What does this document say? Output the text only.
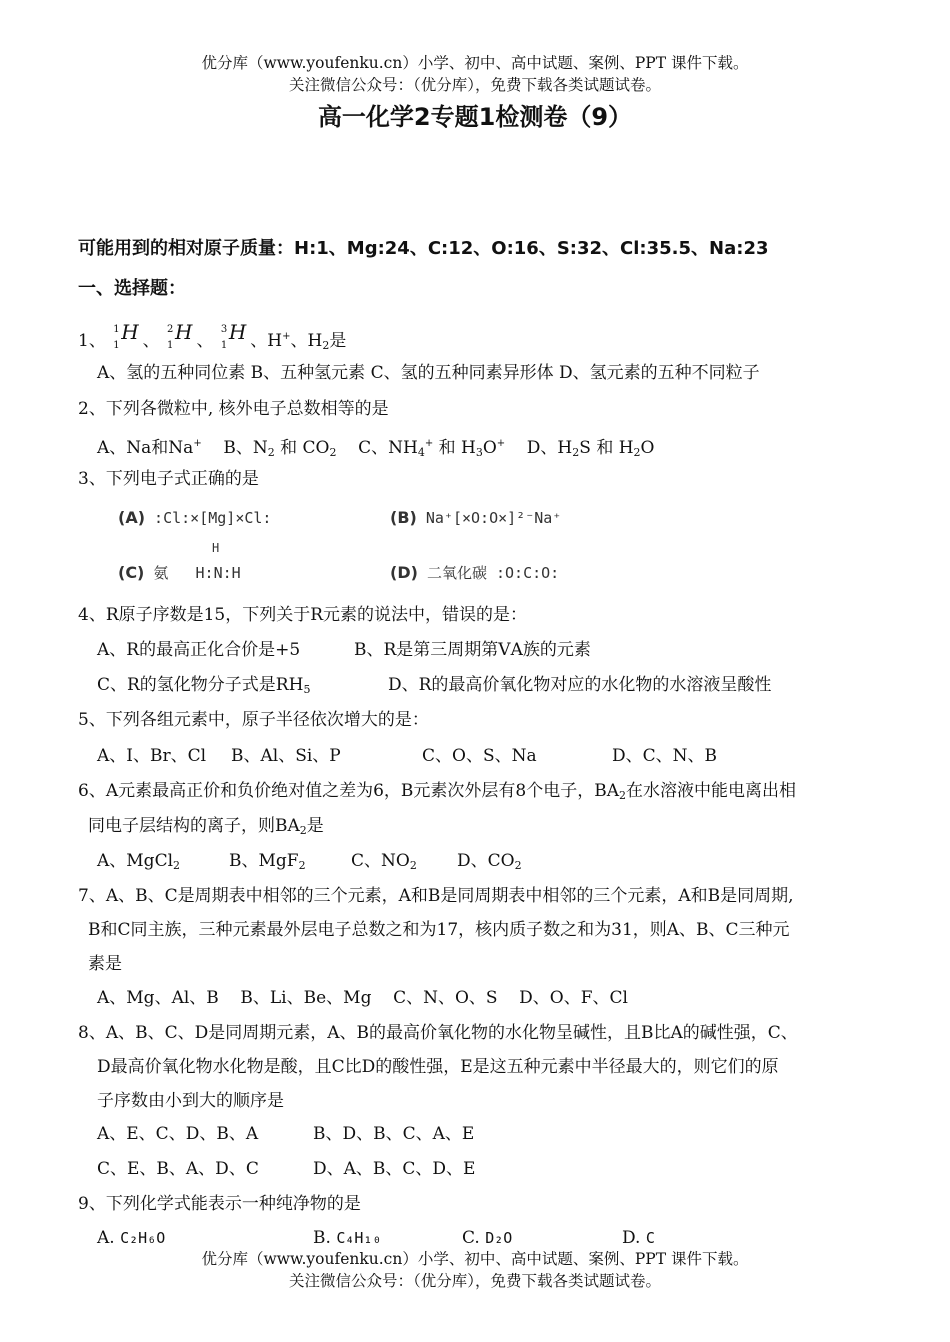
优分库（www.youfenku.cn）小学、初中、高中试题、案例、PPT 课件下载。
关注微信公众号：（优分库），免费下载各类试题试卷。
高一化学2专题1检测卷（9）
可能用到的相对原子质量：H:1、Mg:24、C:12、O:16、S:32、Cl:35.5、Na:23
一、选择题：
1、
1
1
H 、
2
1
H 、
3
1
H 、H+、$H_2$是
A、氢的五种同位素 B、五种氢元素 C、氢的五种同素异形体 D、氢元素的五种不同粒子
2、下列各微粒中, 核外电子总数相等的是
A、Na和Na+ B、$N_2$ 和 $CO_2$ C、$NH_4^+$ 和 $H_3O^+$ D、$H_2S$ 和 $H_2O$
3、下列电子式正确的是
(A) :Cl:×[Mg]×Cl:	(B) Na⁺[×O:O×]²⁻Na⁺
H
(C) 氨 H:N:H	(D) 二氧化碳 :O:C:O:
4、R原子序数是15，下列关于R元素的说法中，错误的是：
A、R的最高正化合价是+5	B、R是第三周期第ⅤA族的元素
C、R的氢化物分子式是$RH_5$	D、R的最高价氧化物对应的水化物的水溶液呈酸性
5、下列各组元素中，原子半径依次增大的是：
A、I、Br、Cl B、Al、Si、P	C、O、S、Na	D、C、N、B
6、A元素最高正价和负价绝对值之差为6，B元素次外层有8个电子，$BA_2$在水溶液中能电离出相
同电子层结构的离子，则$BA_2$是
A、MgCl$_2$	B、MgF$_2$	C、$NO_2$ D、$CO_2$
7、A、B、C是周期表中相邻的三个元素，A和B是同周期表中相邻的三个元素，A和B是同周期,
B和C同主族，三种元素最外层电子总数之和为17，核内质子数之和为31，则A、B、C三种元
素是
A、Mg、Al、B    B、Li、Be、Mg    C、N、O、S    D、O、F、Cl
8、A、B、C、D是同周期元素，A、B的最高价氧化物的水化物呈碱性，且B比A的碱性强，C、
D最高价氧化物水化物是酸，且C比D的酸性强，E是这五种元素中半径最大的，则它们的原
子序数由小到大的顺序是
A、E、C、D、B、A	B、D、B、C、A、E
C、E、B、A、D、C	D、A、B、C、D、E
9、下列化学式能表示一种纯净物的是
A. C₂H₆O	B. C₄H₁₀	C. D₂O	D. C
优分库（www.youfenku.cn）小学、初中、高中试题、案例、PPT 课件下载。
关注微信公众号：（优分库），免费下载各类试题试卷。
